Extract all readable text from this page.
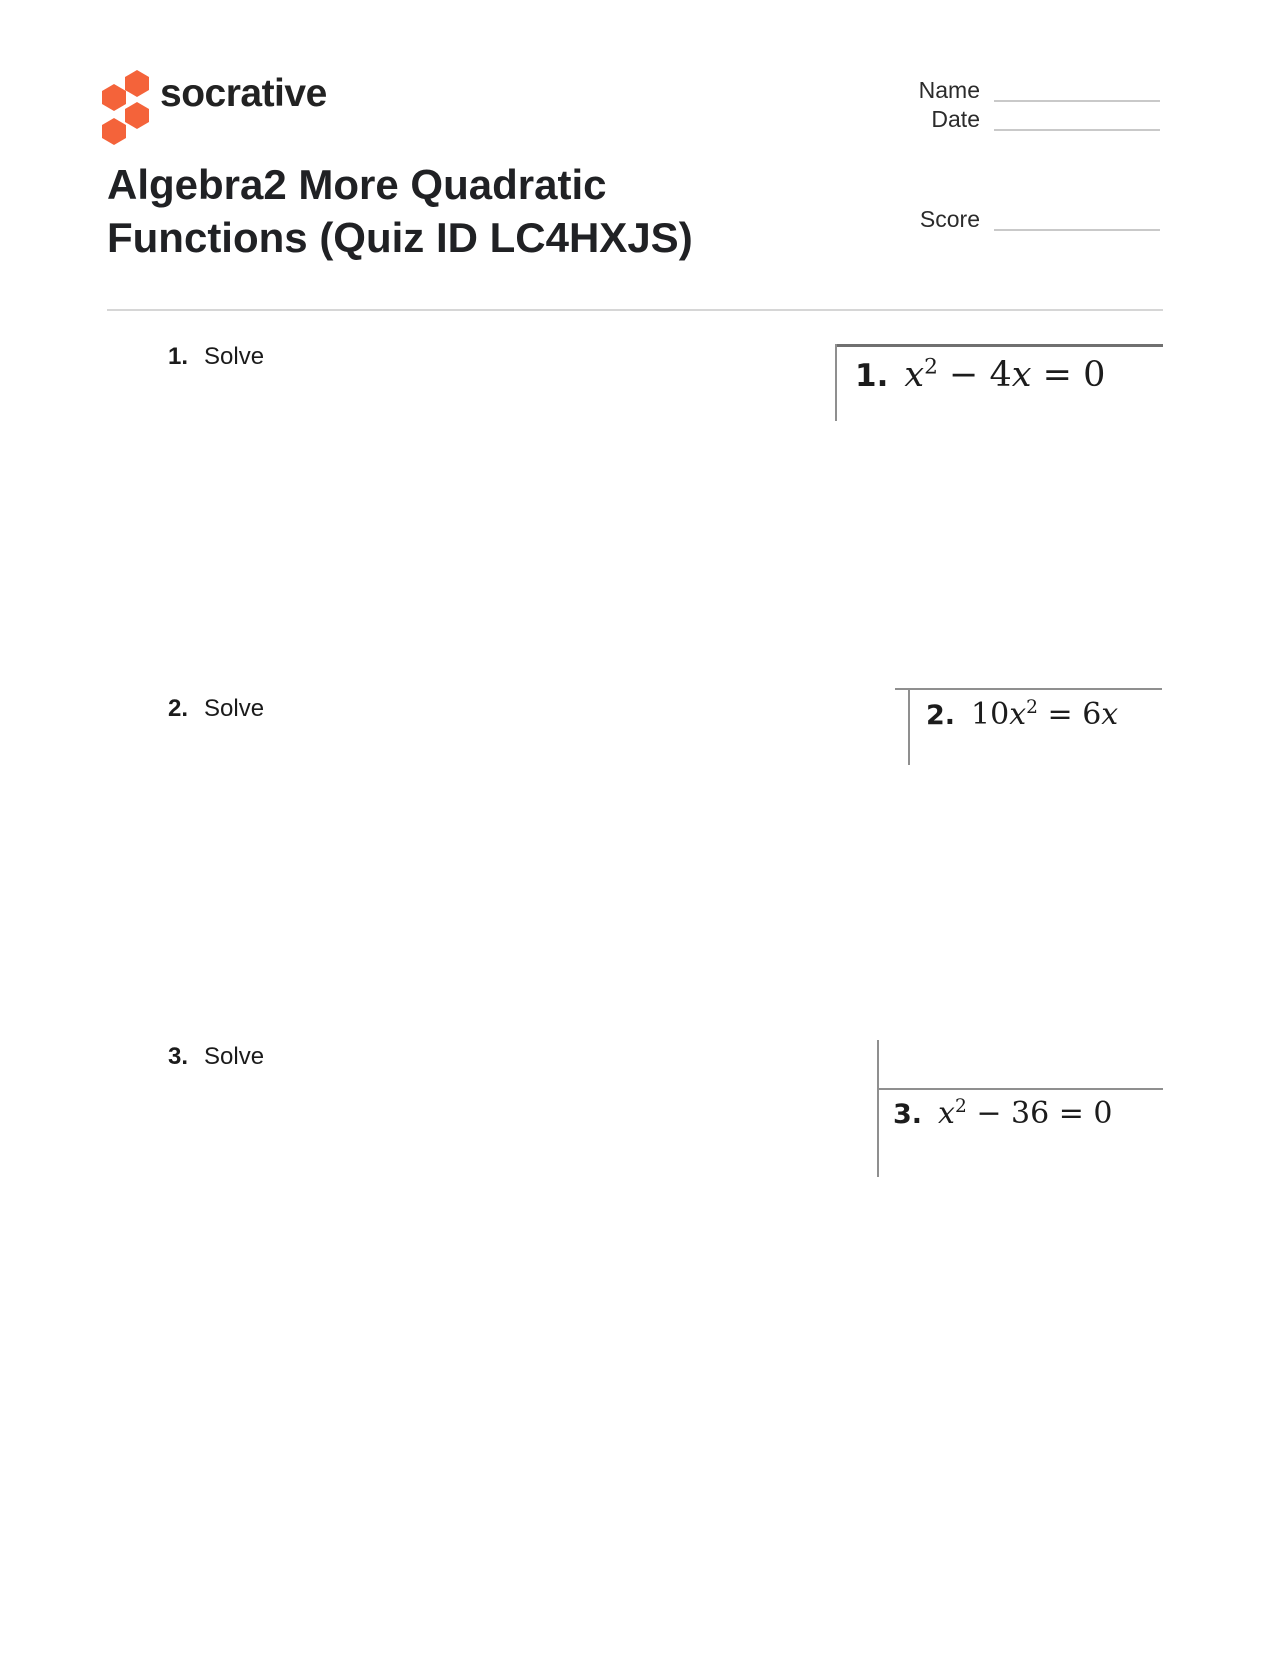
socrative	Name
Date
Algebra2 More Quadratic Functions (Quiz ID LC4HXJS)	Score
1. Solve
1. $x^2 - 4x = 0$
2. Solve	2. $10x^2 = 6x$
3. Solve
3. $x^2 - 36 = 0$
